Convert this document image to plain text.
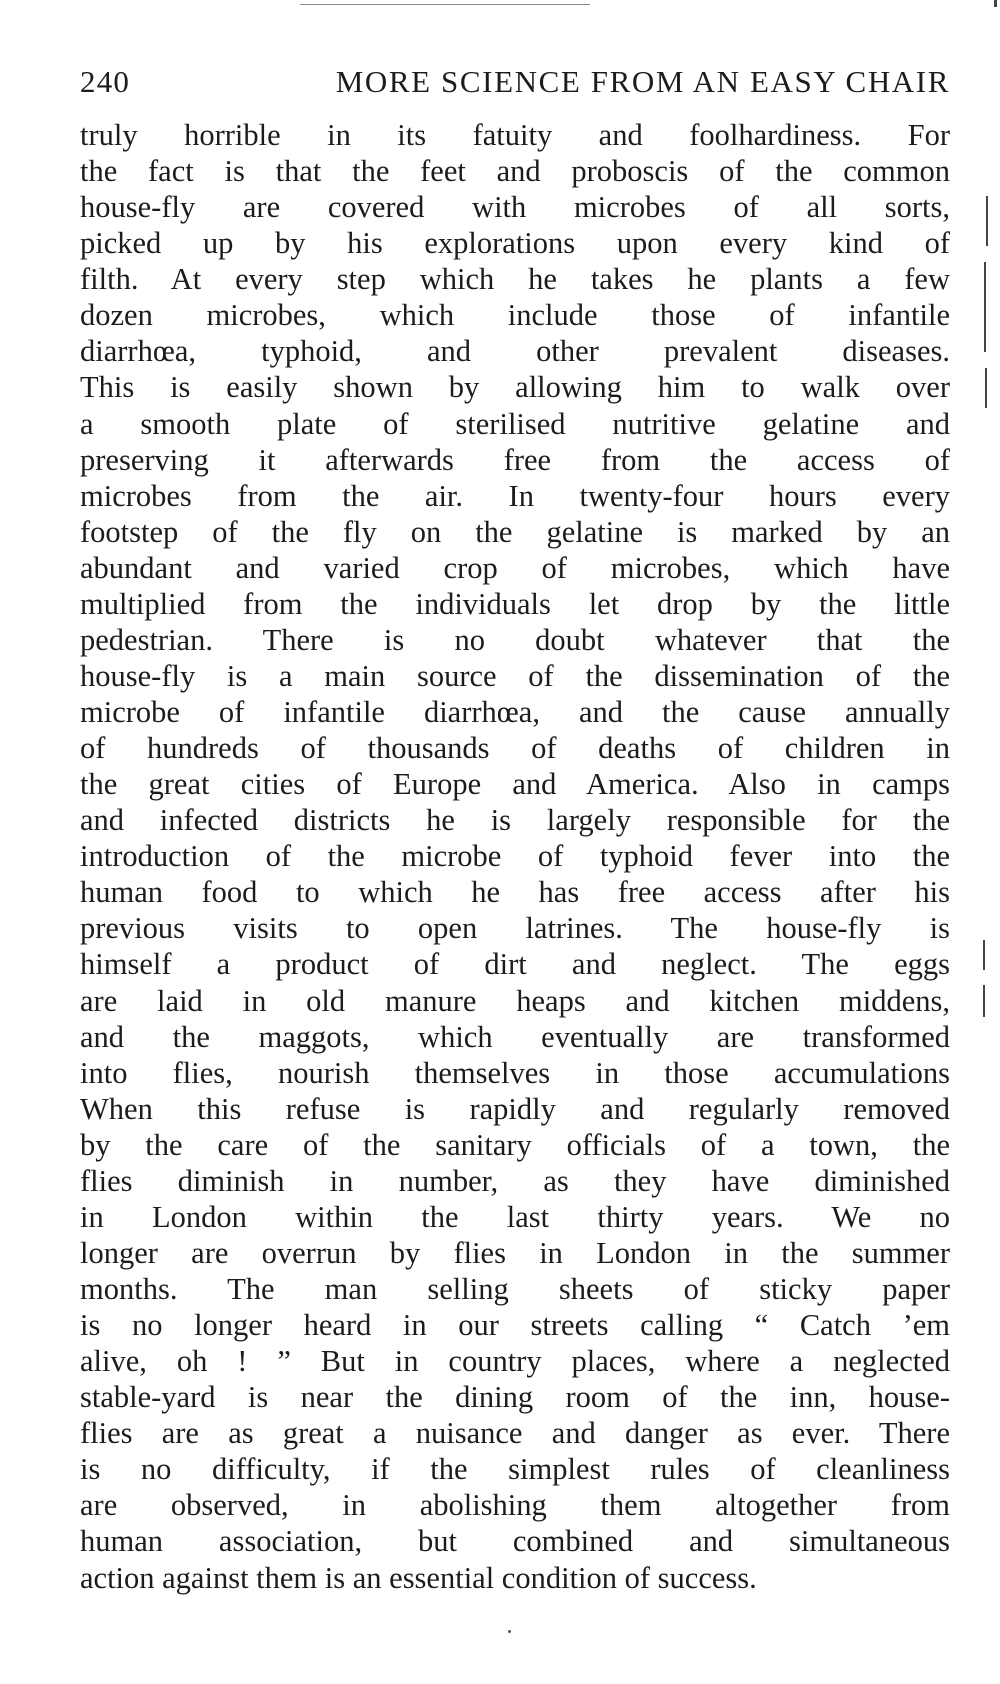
240	MORE SCIENCE FROM AN EASY CHAIR
truly horrible in its fatuity and foolhardiness. For
the fact is that the feet and proboscis of the common
house-fly are covered with microbes of all sorts,
picked up by his explorations upon every kind of
filth. At every step which he takes he plants a few
dozen microbes, which include those of infantile
diarrhœa, typhoid, and other prevalent diseases.
This is easily shown by allowing him to walk over
a smooth plate of sterilised nutritive gelatine and
preserving it afterwards free from the access of
microbes from the air. In twenty-four hours every
footstep of the fly on the gelatine is marked by an
abundant and varied crop of microbes, which have
multiplied from the individuals let drop by the little
pedestrian. There is no doubt whatever that the
house-fly is a main source of the dissemination of the
microbe of infantile diarrhœa, and the cause annually
of hundreds of thousands of deaths of children in
the great cities of Europe and America. Also in camps
and infected districts he is largely responsible for the
introduction of the microbe of typhoid fever into the
human food to which he has free access after his
previous visits to open latrines. The house-fly is
himself a product of dirt and neglect. The eggs
are laid in old manure heaps and kitchen middens,
and the maggots, which eventually are transformed
into flies, nourish themselves in those accumulations
When this refuse is rapidly and regularly removed
by the care of the sanitary officials of a town, the
flies diminish in number, as they have diminished
in London within the last thirty years. We no
longer are overrun by flies in London in the summer
months. The man selling sheets of sticky paper
is no longer heard in our streets calling “ Catch ’em
alive, oh ! ” But in country places, where a neglected
stable-yard is near the dining room of the inn, house-
flies are as great a nuisance and danger as ever. There
is no difficulty, if the simplest rules of cleanliness
are observed, in abolishing them altogether from
human association, but combined and simultaneous
action against them is an essential condition of success.
